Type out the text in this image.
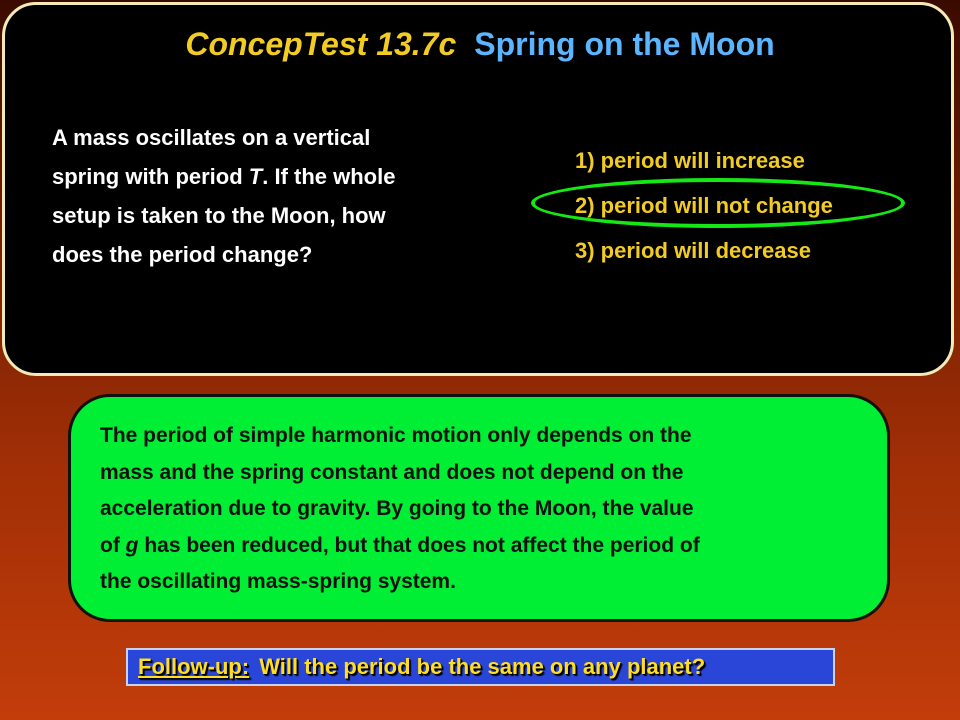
ConcepTest 13.7c Spring on the Moon
A mass oscillates on a vertical
spring with period T. If the whole
setup is taken to the Moon, how
does the period change?
1) period will increase
2) period will not change
3) period will decrease
The period of simple harmonic motion only depends on the
mass and the spring constant and does not depend on the
acceleration due to gravity. By going to the Moon, the value
of g has been reduced, but that does not affect the period of
the oscillating mass-spring system.
Follow-up: Will the period be the same on any planet?
